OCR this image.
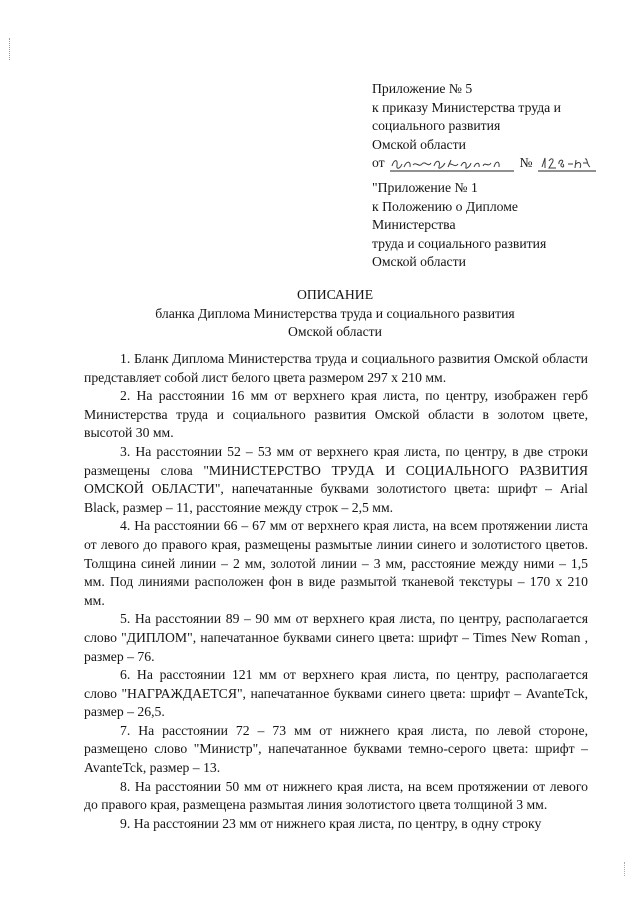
Приложение № 5
к приказу Министерства труда и
социального развития
Омской области
от	№
"Приложение № 1
к Положению о Дипломе
Министерства
труда и социального развития
Омской области
ОПИСАНИЕ
бланка Диплома Министерства труда и социального развития
Омской области

1. Бланк Диплома Министерства труда и социального развития Омской области представляет собой лист белого цвета размером 297 х 210 мм.

2. На расстоянии 16 мм от верхнего края листа, по центру, изображен герб Министерства труда и социального развития Омской области в золотом цвете, высотой 30 мм.

3. На расстоянии 52 – 53 мм от верхнего края листа, по центру, в две строки размещены слова "МИНИСТЕРСТВО ТРУДА И СОЦИАЛЬНОГО РАЗВИТИЯ ОМСКОЙ ОБЛАСТИ", напечатанные буквами золотистого цвета: шрифт – Arial Black, размер – 11, расстояние между строк – 2,5 мм.

4. На расстоянии 66 – 67 мм от верхнего края листа, на всем протяжении листа от левого до правого края, размещены размытые линии синего и золотистого цветов. Толщина синей линии – 2 мм, золотой линии – 3 мм, расстояние между ними – 1,5 мм. Под линиями расположен фон в виде размытой тканевой текстуры – 170 х 210 мм.

5. На расстоянии 89 – 90 мм от верхнего края листа, по центру, располагается слово "ДИПЛОМ", напечатанное буквами синего цвета: шрифт – Times New Roman , размер – 76.

6. На расстоянии 121 мм от верхнего края листа, по центру, располагается слово "НАГРАЖДАЕТСЯ", напечатанное буквами синего цвета: шрифт – AvanteTck, размер – 26,5.

7. На расстоянии 72 – 73 мм от нижнего края листа, по левой стороне, размещено слово "Министр", напечатанное буквами темно-серого цвета: шрифт – AvanteTck, размер – 13.

8. На расстоянии 50 мм от нижнего края листа, на всем протяжении от левого до правого края, размещена размытая линия золотистого цвета толщиной 3 мм.

9. На расстоянии 23 мм от нижнего края листа, по центру, в одну строку
